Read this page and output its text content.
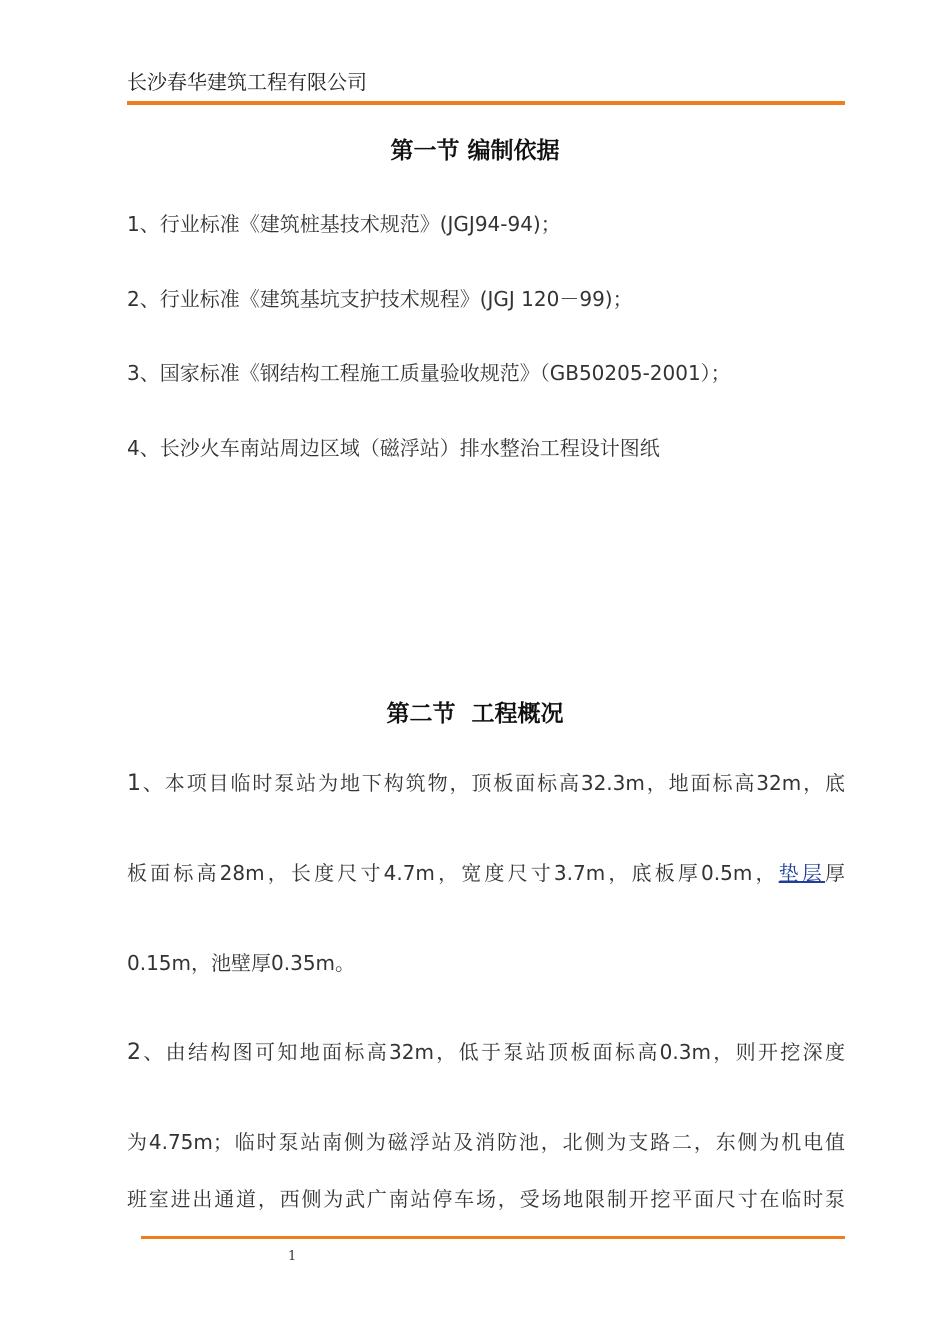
长沙春华建筑工程有限公司
第一节 编制依据
1、行业标准《建筑桩基技术规范》(JGJ94-94)；
2、行业标准《建筑基坑支护技术规程》(JGJ 120－99)；
3、国家标准《钢结构工程施工质量验收规范》（GB50205-2001）；
4、长沙火车南站周边区域（磁浮站）排水整治工程设计图纸
第二节  工程概况
1、本项目临时泵站为地下构筑物，顶板面标高32.3m，地面标高32m，底
板面标高28m，长度尺寸4.7m，宽度尺寸3.7m，底板厚0.5m，垫层厚
0.15m，池壁厚0.35m。
2、由结构图可知地面标高32m，低于泵站顶板面标高0.3m，则开挖深度
为4.75m；临时泵站南侧为磁浮站及消防池，北侧为支路二，东侧为机电值
班室进出通道，西侧为武广南站停车场，受场地限制开挖平面尺寸在临时泵
1
